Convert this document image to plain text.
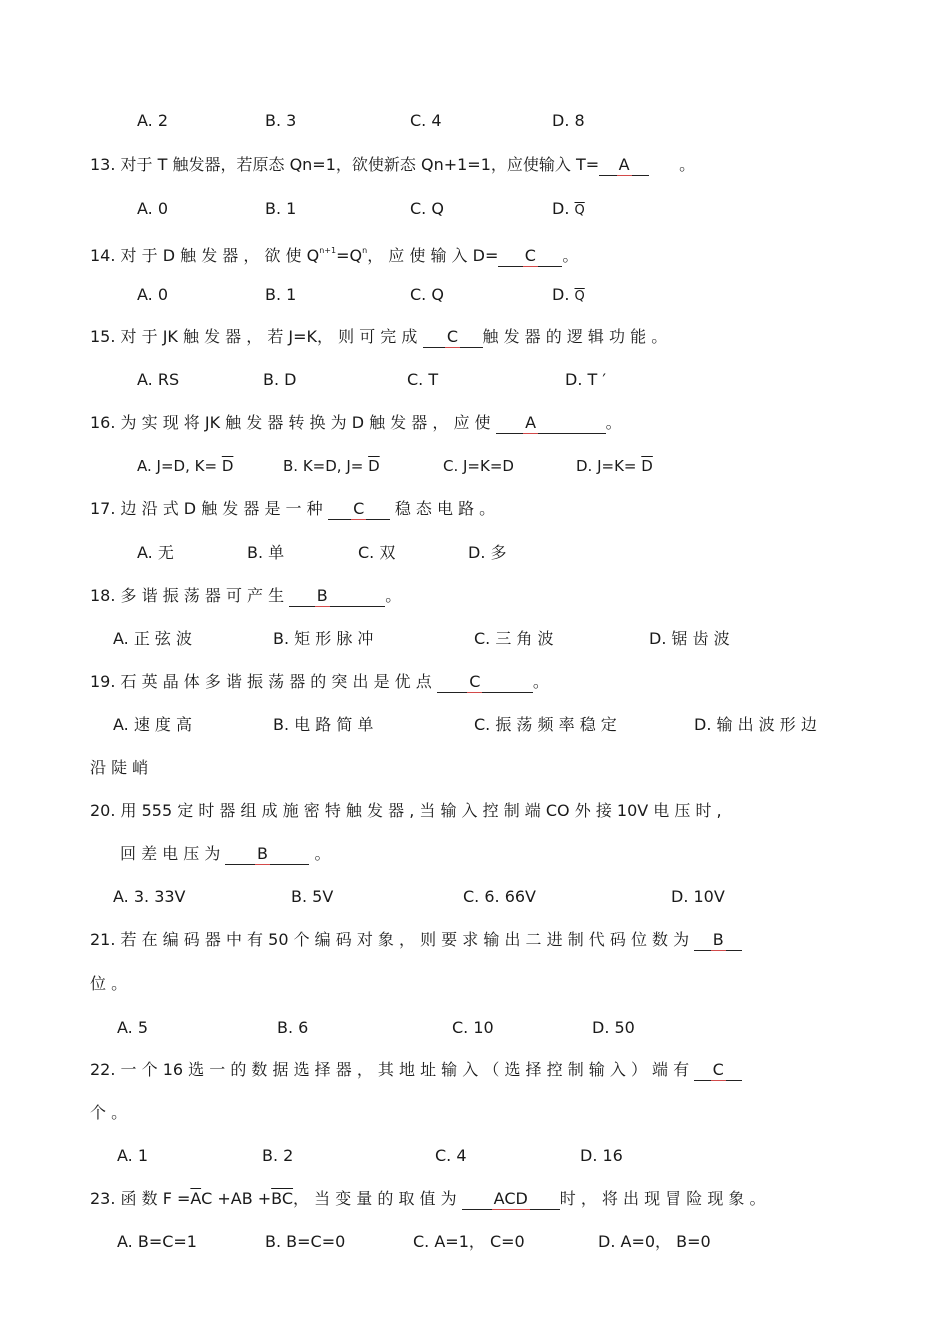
A. 2	B. 3	C. 4	D. 8
13. 对于 T 触发器，若原态 Qn=1，欲使新态 Qn+1=1，应使输入 T= A	。
A. 0	B. 1	C. Q	D. $\overline{Q}$
14. 对 于 D 触 发 器 ， 欲 使 $Q^{n+1}=Q^n$， 应 使 输 入 D= C 。
A. 0	B. 1	C. Q	D. $\overline{Q}$
15. 对 于 JK 触 发 器 ， 若 J=K， 则 可 完 成 C 触 发 器 的 逻 辑 功 能 。
A. RS	B. D	C. T	D. T ′
16. 为 实 现 将 JK 触 发 器 转 换 为 D 触 发 器 ， 应 使 A	。
A. J=D, $K= \overline{D}$	B. K=D, $J= \overline{D}$	C. J=K=D	D. $J=K= \overline{D}$
17. 边 沿 式 D 触 发 器 是 一 种 C 稳 态 电 路 。
A. 无	B. 单	C. 双	D. 多
18. 多 谐 振 荡 器 可 产 生 B	。
A. 正 弦 波	B. 矩 形 脉 冲	C. 三 角 波	D. 锯 齿 波
19. 石 英 晶 体 多 谐 振 荡 器 的 突 出 是 优 点 C	。
A. 速 度 高	B. 电 路 简 单	C. 振 荡 频 率 稳 定	D. 输 出 波 形 边
沿 陡 峭
20. 用 555 定 时 器 组 成 施 密 特 触 发 器 , 当 输 入 控 制 端 CO 外 接 10V 电 压 时 ,
回 差 电 压 为 B	。
A. 3. 33V	B. 5V	C. 6. 66V	D. 10V
21. 若 在 编 码 器 中 有 50 个 编 码 对 象 ， 则 要 求 输 出 二 进 制 代 码 位 数 为 B
位 。
A. 5	B. 6	C. 10	D. 50
22. 一 个 16 选 一 的 数 据 选 择 器 ， 其 地 址 输 入 （ 选 择 控 制 输 入 ） 端 有 C
个 。
A. 1	B. 2	C. 4	D. 16
23. 函 数 $F =\overline{A}C +AB +\overline{BC}$， 当 变 量 的 取 值 为 ACD 时 ， 将 出 现 冒 险 现 象 。
A. B=C=1	B. B=C=0	C. A=1， C=0	D. A=0， B=0
